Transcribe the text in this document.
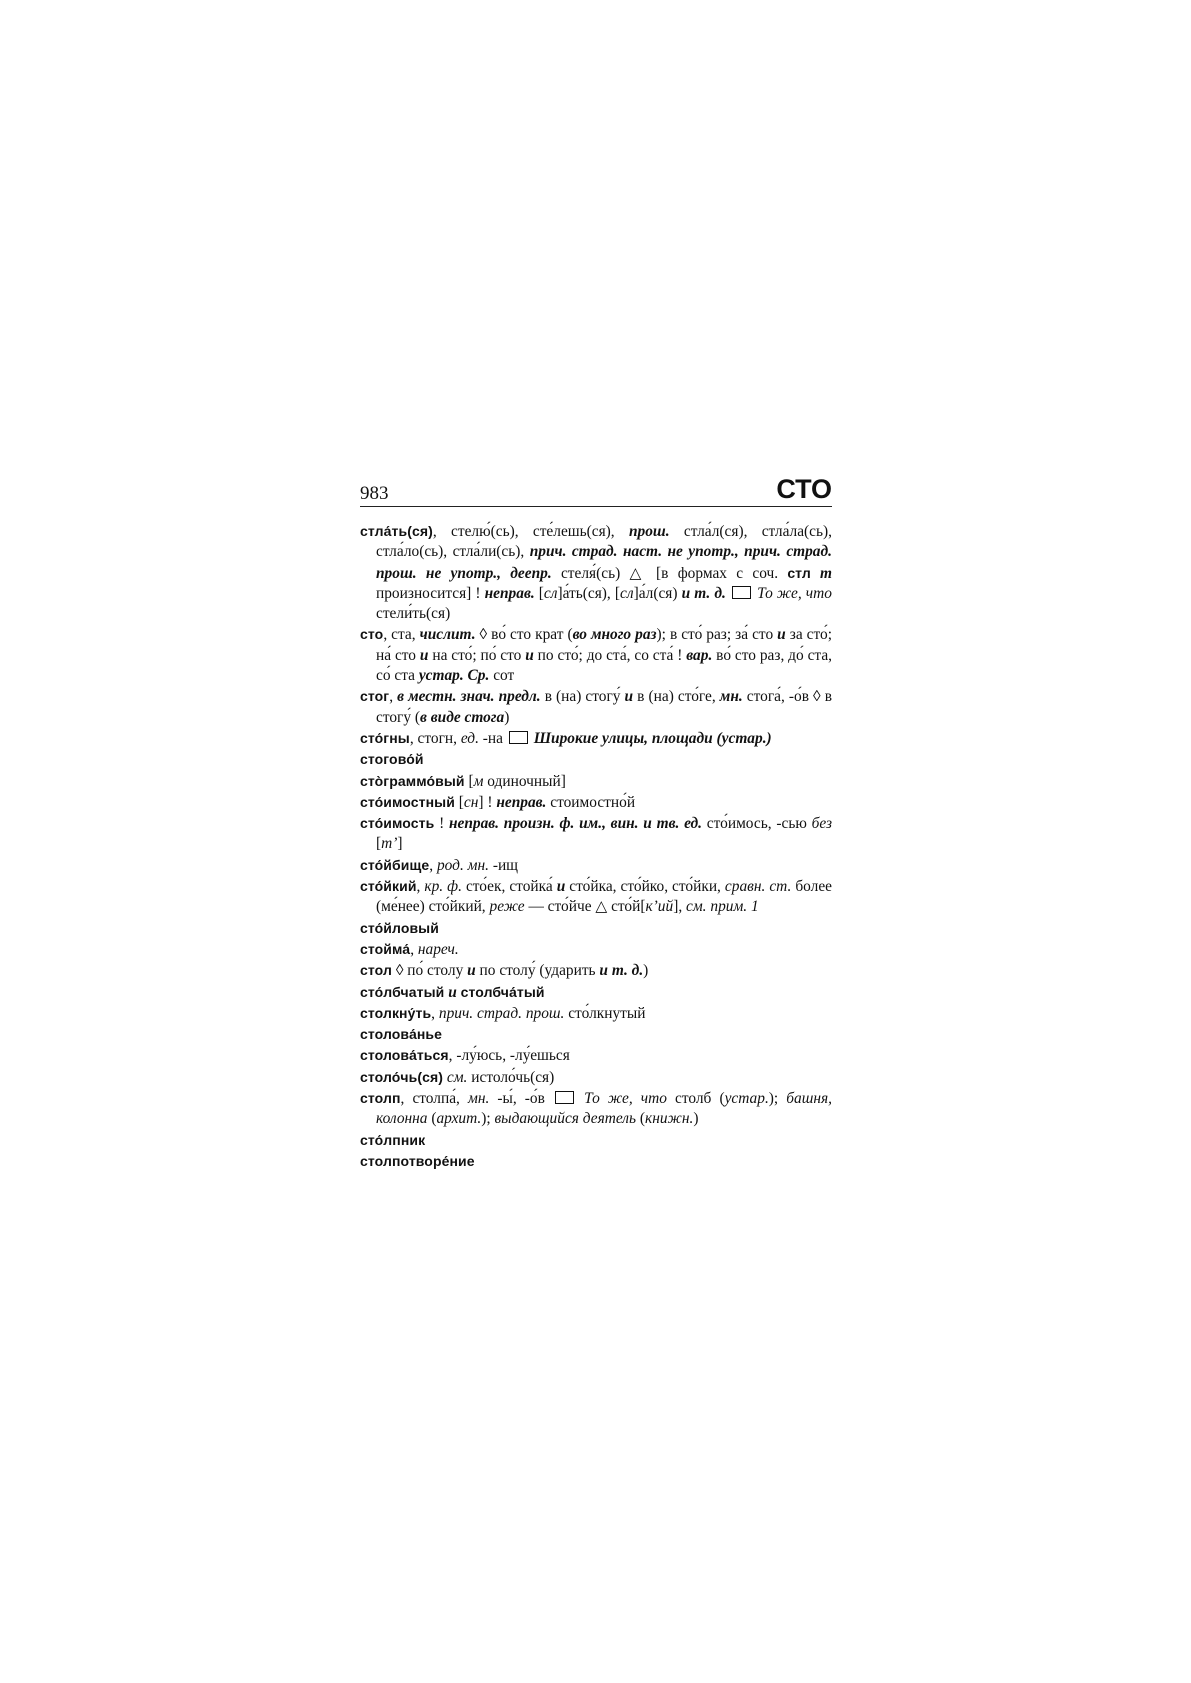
983	СТО

стла́ть(ся), стелю́(сь), сте́лешь(ся), прош. стла́л(ся), стла́ла(сь), стла́ло(сь), стла́ли(сь), прич. страд. наст. не употр., прич. страд. прош. не употр., деепр. стеля́(сь) △ [в формах с соч. стл т произносится] ! неправ. [сл]а́ть(ся), [сл]а́л(ся) и т. д. То же, что стели́ть(ся)

сто, ста, числит. ◊ во́ сто крат (во много раз); в сто́ раз; за́ сто и за сто́; на́ сто и на сто́; по́ сто и по сто́; до ста́, со ста́ ! вар. во́ сто раз, до́ ста, со́ ста устар. Ср. сот

стог, в местн. знач. предл. в (на) стогу́ и в (на) сто́ге, мн. стога́, -о́в ◊ в стогу́ (в виде стога)

сто́гны, стогн, ед. -на  Широкие улицы, площади (устар.)

стогово́й

сто̀граммо́вый [м одиночный]

сто́имостный [сн] ! неправ. стоимостно́й

сто́имость ! неправ. произн. ф. им., вин. и тв. ед. сто́имось, -сью без [тʼ]

сто́йбище, род. мн. -ищ

сто́йкий, кр. ф. сто́ек, стойка́ и сто́йка, сто́йко, сто́йки, сравн. ст. более (ме́нее) сто́йкий, реже — сто́йче △ сто́й[кʼий], см. прим. 1

сто́йловый

стойма́, нареч.

стол ◊ по́ столу и по столу́ (ударить и т. д.)

сто́лбчатый и столбча́тый

столкну́ть, прич. страд. прош. сто́лкнутый

столова́нье

столова́ться, -лу́юсь, -лу́ешься

столо́чь(ся) см. истоло́чь(ся)

столп, столпа́, мн. -ы́, -о́в  То же, что столб (устар.); башня, колонна (архит.); выдающийся деятель (книжн.)

сто́лпник

столпотворе́ние
